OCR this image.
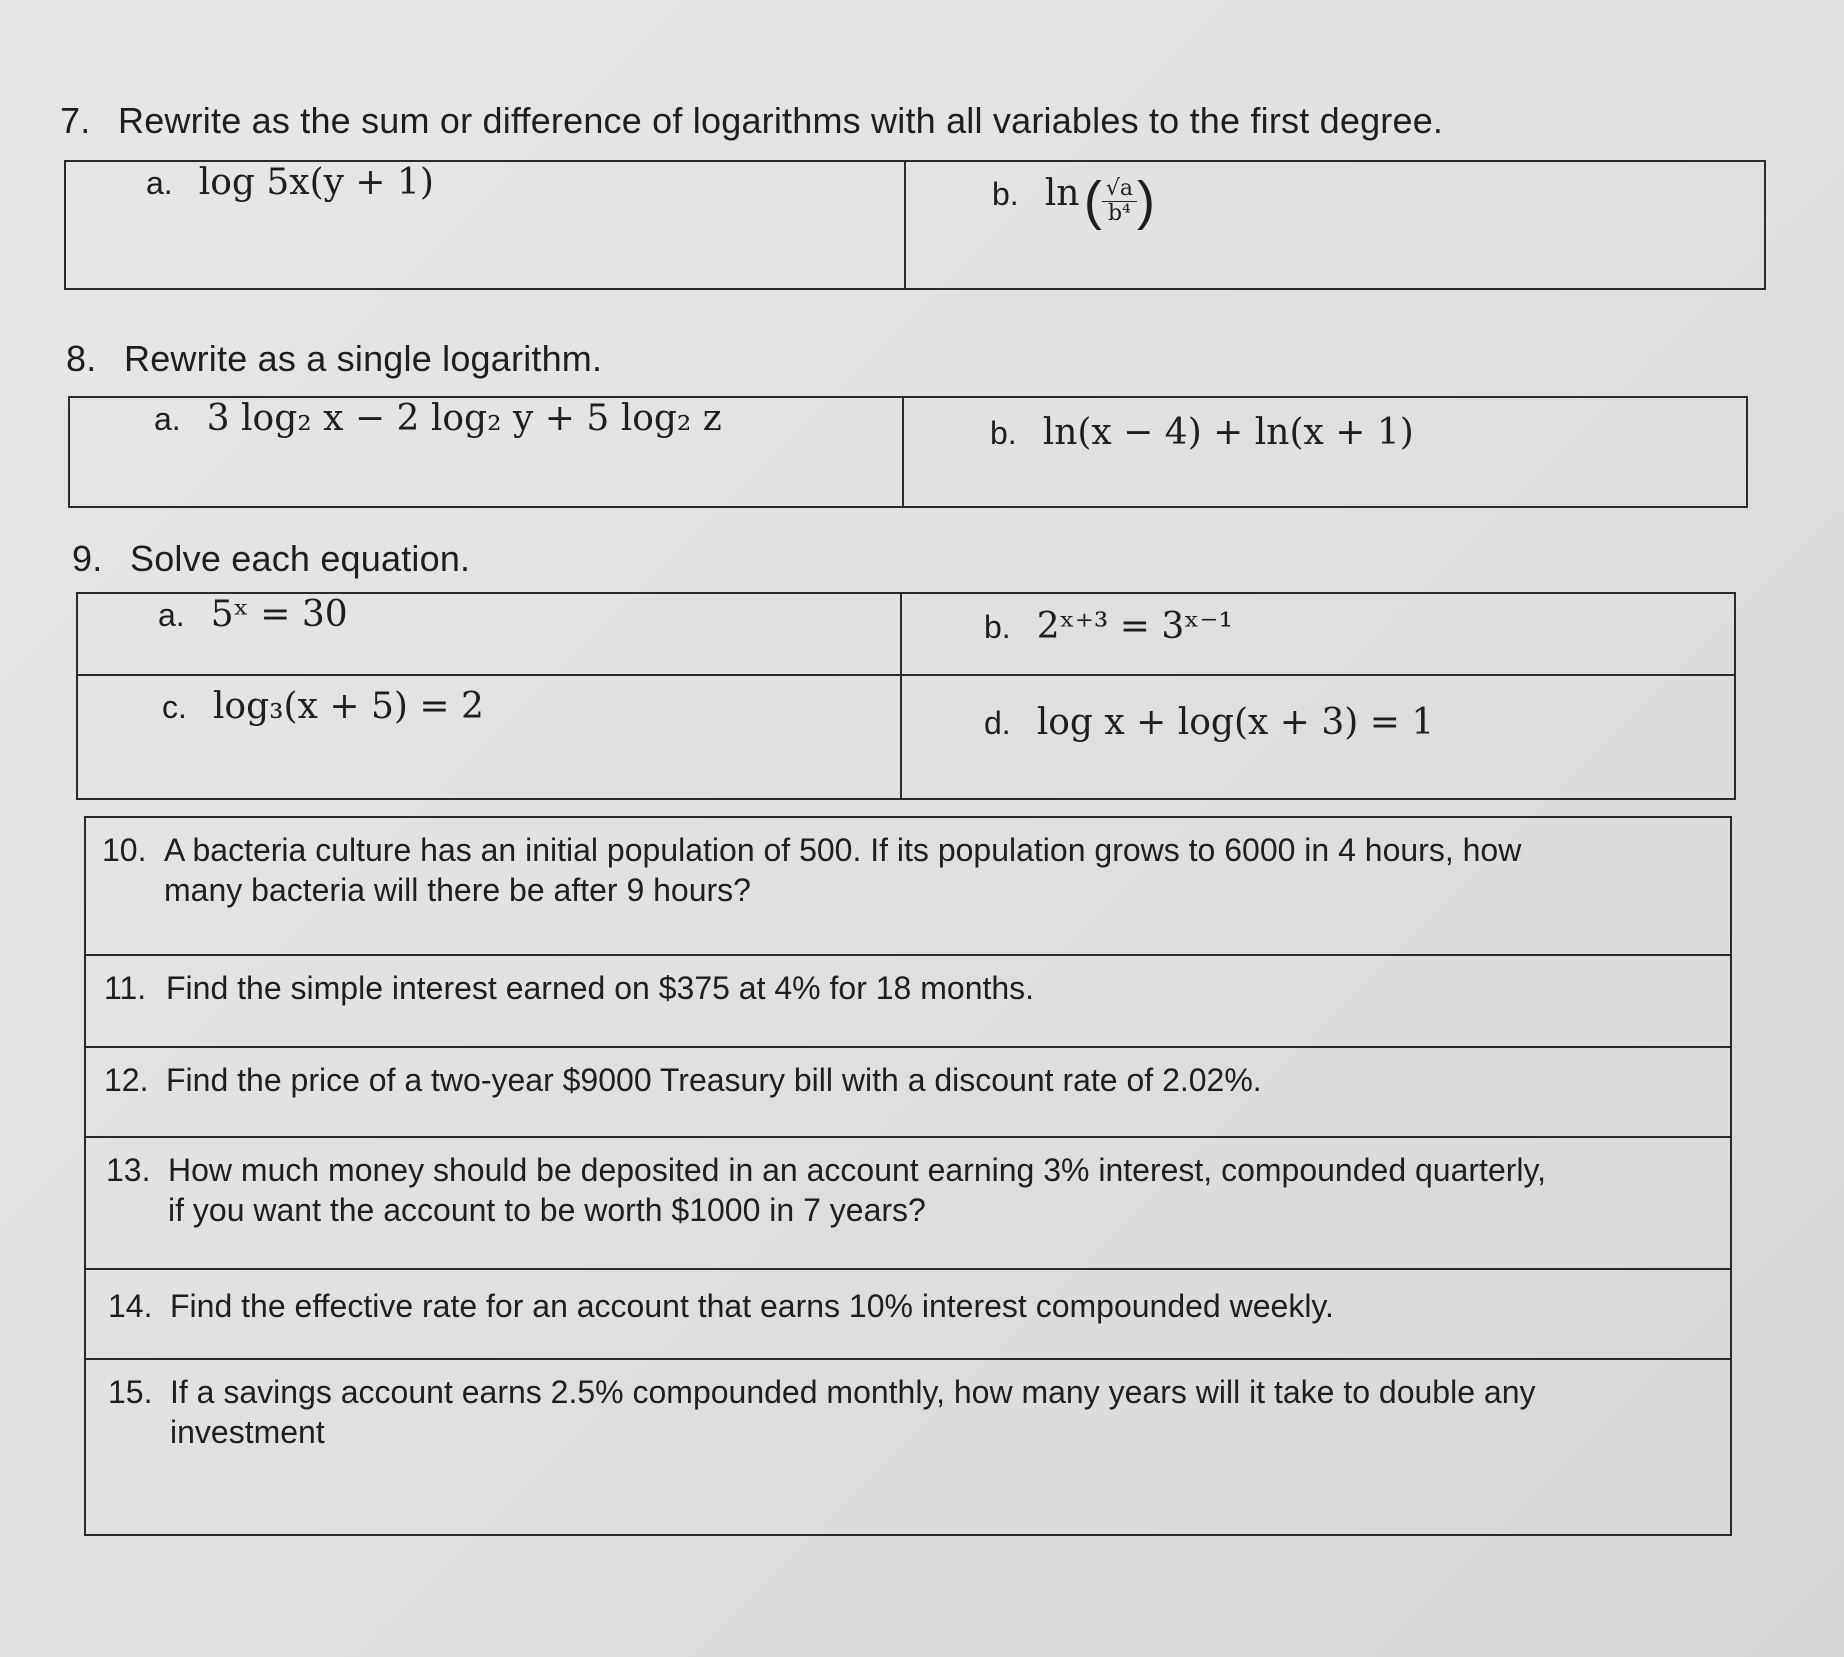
7. Rewrite as the sum or difference of logarithms with all variables to the first degree.
a. log 5x(y + 1)	b. ln ( $\frac{√a}{\text{b⁴}}$ )
8. Rewrite as a single logarithm.
a. 3 log₂ x − 2 log₂ y + 5 log₂ z	b. ln(x − 4) + ln(x + 1)
9. Solve each equation.
a. 5ˣ = 30	b. 2ˣ⁺³ = 3ˣ⁻¹
c. log₃(x + 5) = 2	d. log x + log(x + 3) = 1
10. A bacteria culture has an initial population of 500. If its population grows to 6000 in 4 hours, how
many bacteria will there be after 9 hours?
11. Find the simple interest earned on $375 at 4% for 18 months.
12. Find the price of a two-year $9000 Treasury bill with a discount rate of 2.02%.
13. How much money should be deposited in an account earning 3% interest, compounded quarterly,
if you want the account to be worth $1000 in 7 years?
14. Find the effective rate for an account that earns 10% interest compounded weekly.
15. If a savings account earns 2.5% compounded monthly, how many years will it take to double any
investment
